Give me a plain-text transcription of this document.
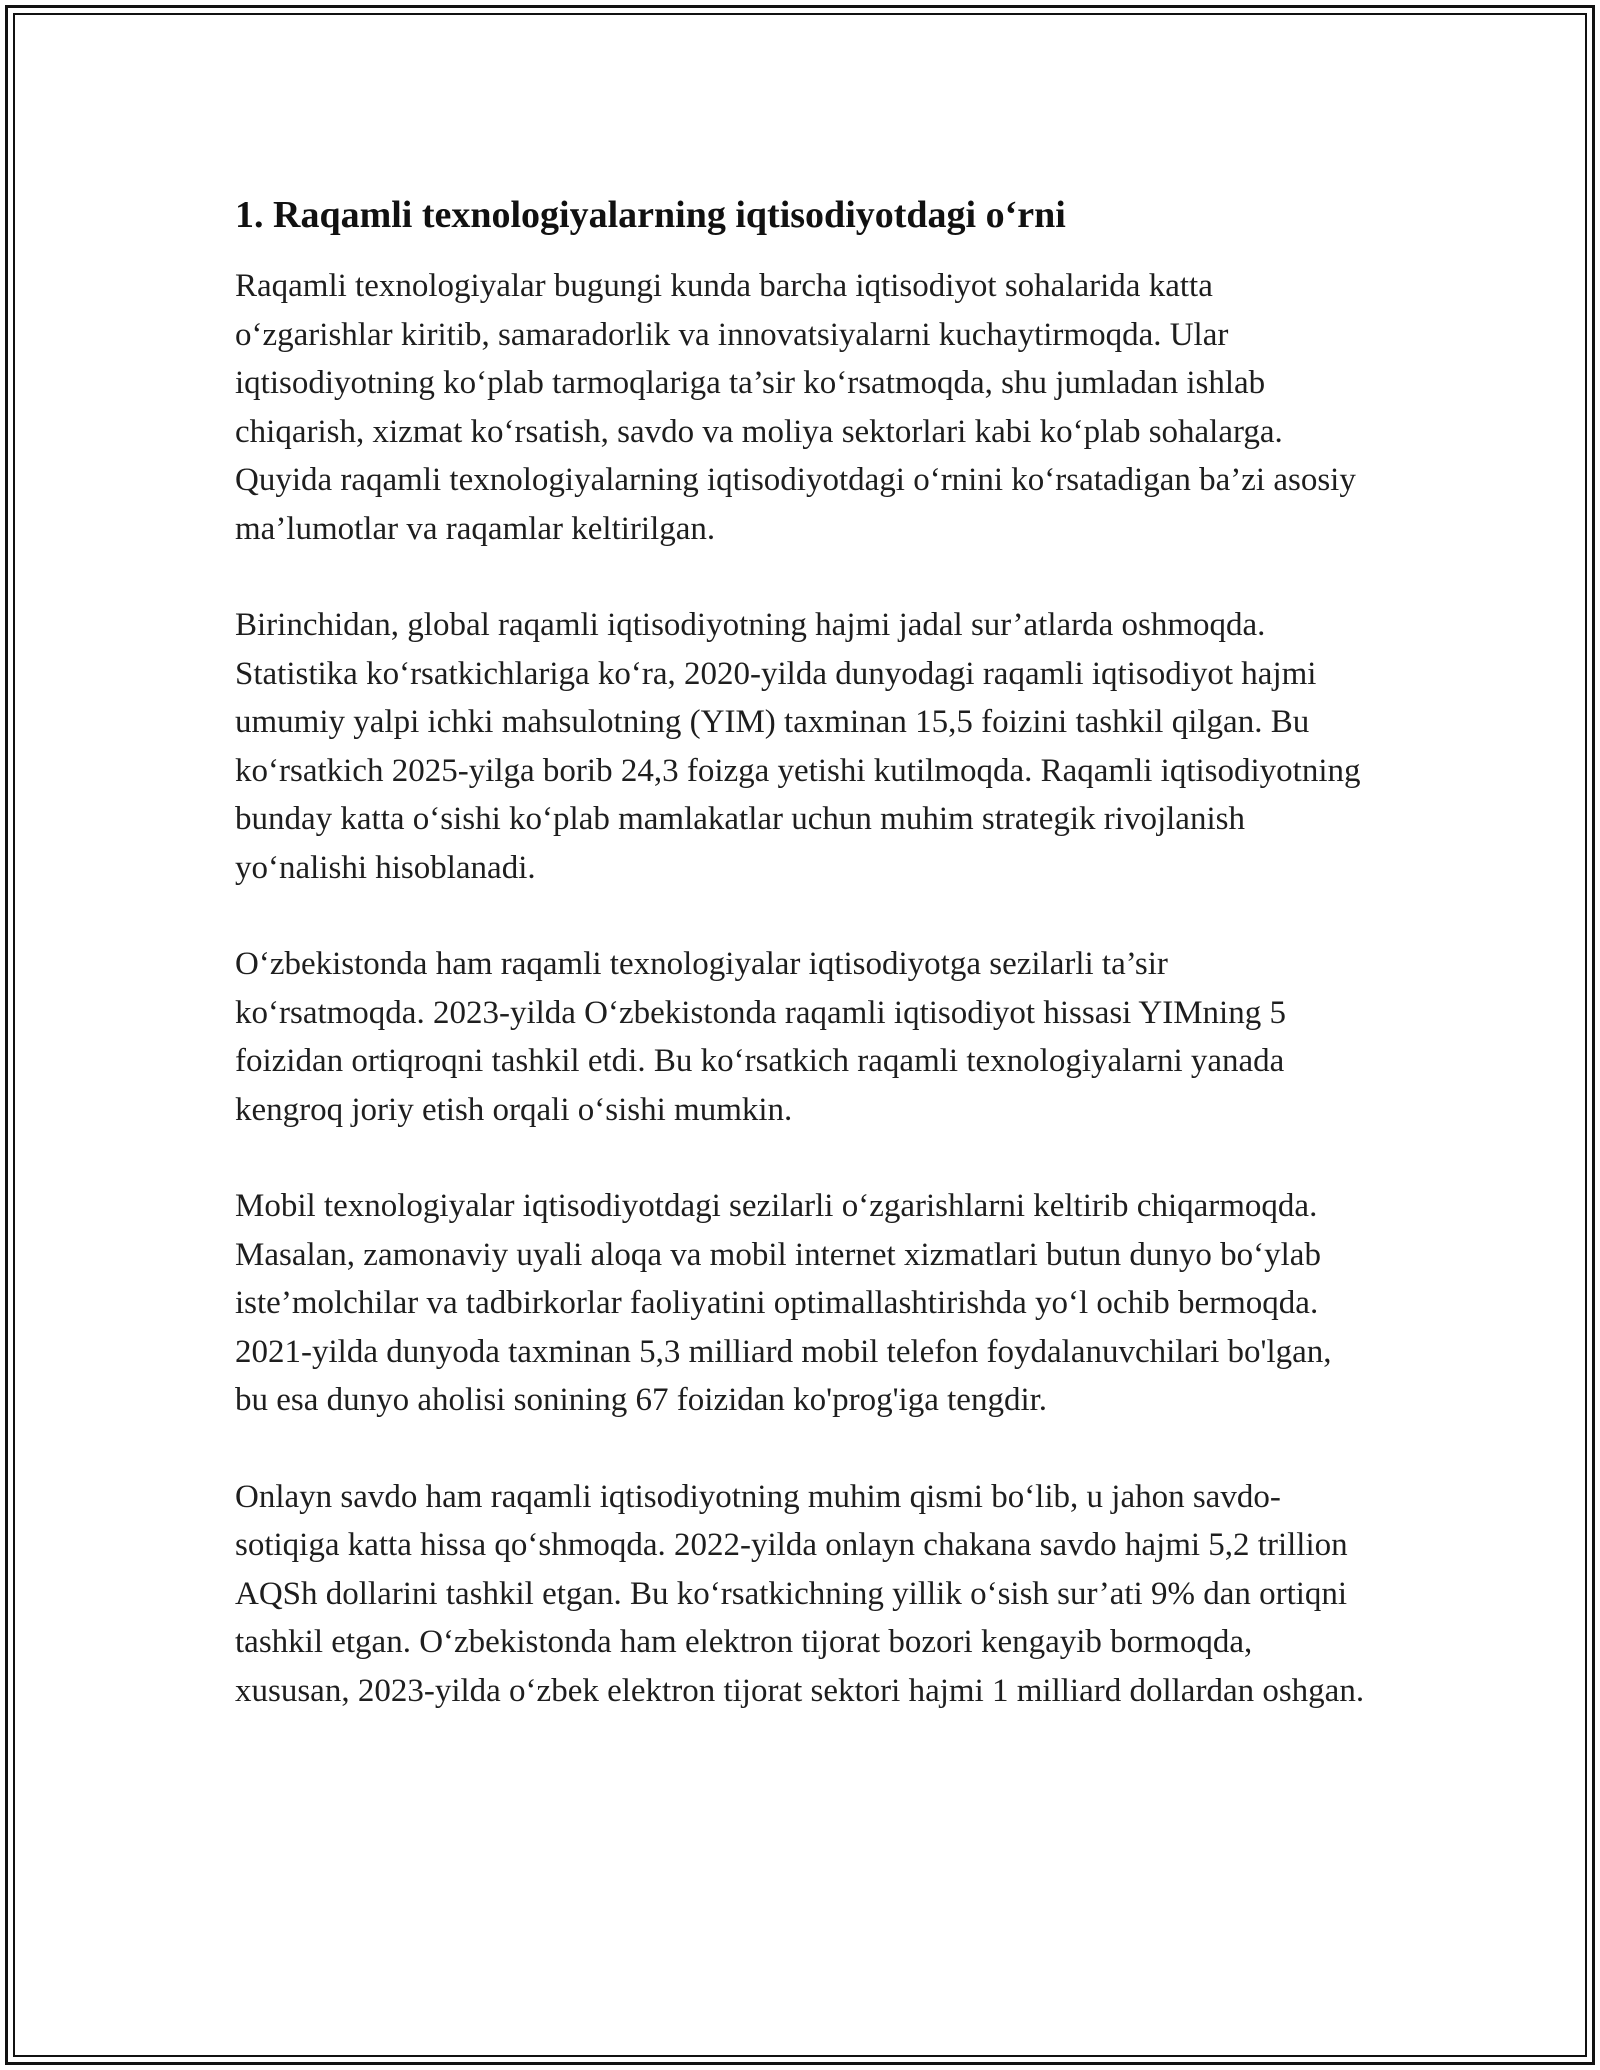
1. Raqamli texnologiyalarning iqtisodiyotdagi o‘rni

Raqamli texnologiyalar bugungi kunda barcha iqtisodiyot sohalarida katta o‘zgarishlar kiritib, samaradorlik va innovatsiyalarni kuchaytirmoqda. Ular iqtisodiyotning ko‘plab tarmoqlariga ta’sir ko‘rsatmoqda, shu jumladan ishlab chiqarish, xizmat ko‘rsatish, savdo va moliya sektorlari kabi ko‘plab sohalarga. Quyida raqamli texnologiyalarning iqtisodiyotdagi o‘rnini ko‘rsatadigan ba’zi asosiy ma’lumotlar va raqamlar keltirilgan.

Birinchidan, global raqamli iqtisodiyotning hajmi jadal sur’atlarda oshmoqda. Statistika ko‘rsatkichlariga ko‘ra, 2020-yilda dunyodagi raqamli iqtisodiyot hajmi umumiy yalpi ichki mahsulotning (YIM) taxminan 15,5 foizini tashkil qilgan. Bu ko‘rsatkich 2025-yilga borib 24,3 foizga yetishi kutilmoqda. Raqamli iqtisodiyotning bunday katta o‘sishi ko‘plab mamlakatlar uchun muhim strategik rivojlanish yo‘nalishi hisoblanadi.

O‘zbekistonda ham raqamli texnologiyalar iqtisodiyotga sezilarli ta’sir ko‘rsatmoqda. 2023-yilda O‘zbekistonda raqamli iqtisodiyot hissasi YIMning 5 foizidan ortiqroqni tashkil etdi. Bu ko‘rsatkich raqamli texnologiyalarni yanada kengroq joriy etish orqali o‘sishi mumkin.

Mobil texnologiyalar iqtisodiyotdagi sezilarli o‘zgarishlarni keltirib chiqarmoqda. Masalan, zamonaviy uyali aloqa va mobil internet xizmatlari butun dunyo bo‘ylab iste’molchilar va tadbirkorlar faoliyatini optimallashtirishda yo‘l ochib bermoqda. 2021-yilda dunyoda taxminan 5,3 milliard mobil telefon foydalanuvchilari bo'lgan, bu esa dunyo aholisi sonining 67 foizidan ko'prog'iga tengdir.

Onlayn savdo ham raqamli iqtisodiyotning muhim qismi bo‘lib, u jahon savdo-sotiqiga katta hissa qo‘shmoqda. 2022-yilda onlayn chakana savdo hajmi 5,2 trillion AQSh dollarini tashkil etgan. Bu ko‘rsatkichning yillik o‘sish sur’ati 9% dan ortiqni tashkil etgan. O‘zbekistonda ham elektron tijorat bozori kengayib bormoqda, xususan, 2023-yilda o‘zbek elektron tijorat sektori hajmi 1 milliard dollardan oshgan.
